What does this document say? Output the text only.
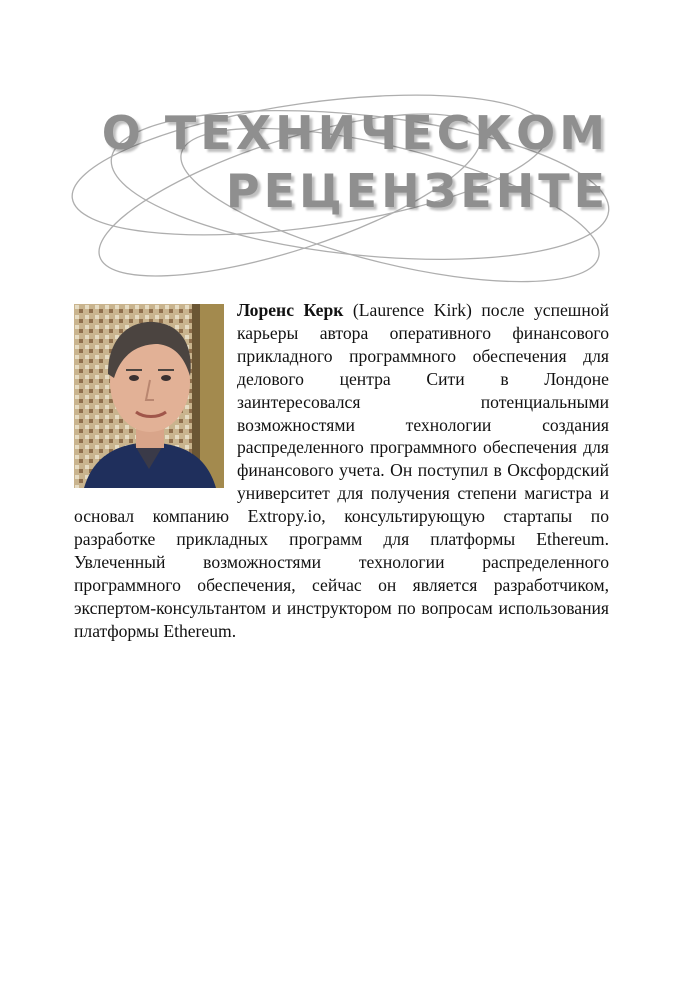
О ТЕХНИЧЕСКОМ
РЕЦЕНЗЕНТЕ
Лоренс Керк (Laurence Kirk) после успешной карьеры автора оперативного финансового прикладного программного обеспечения для делового центра Сити в Лондоне заинтересовался потенциальными возможностями технологии создания распределенного программного обеспечения для финансового учета. Он поступил в Оксфордский университет для получения степени магистра и основал компанию Extropy.io, консультирующую стартапы по разработке прикладных программ для платформы Ethereum. Увлеченный возможностями технологии распределенного программного обеспечения, сейчас он является разработчиком, экспертом-консультантом и инструктором по вопросам использования платформы Ethereum.
